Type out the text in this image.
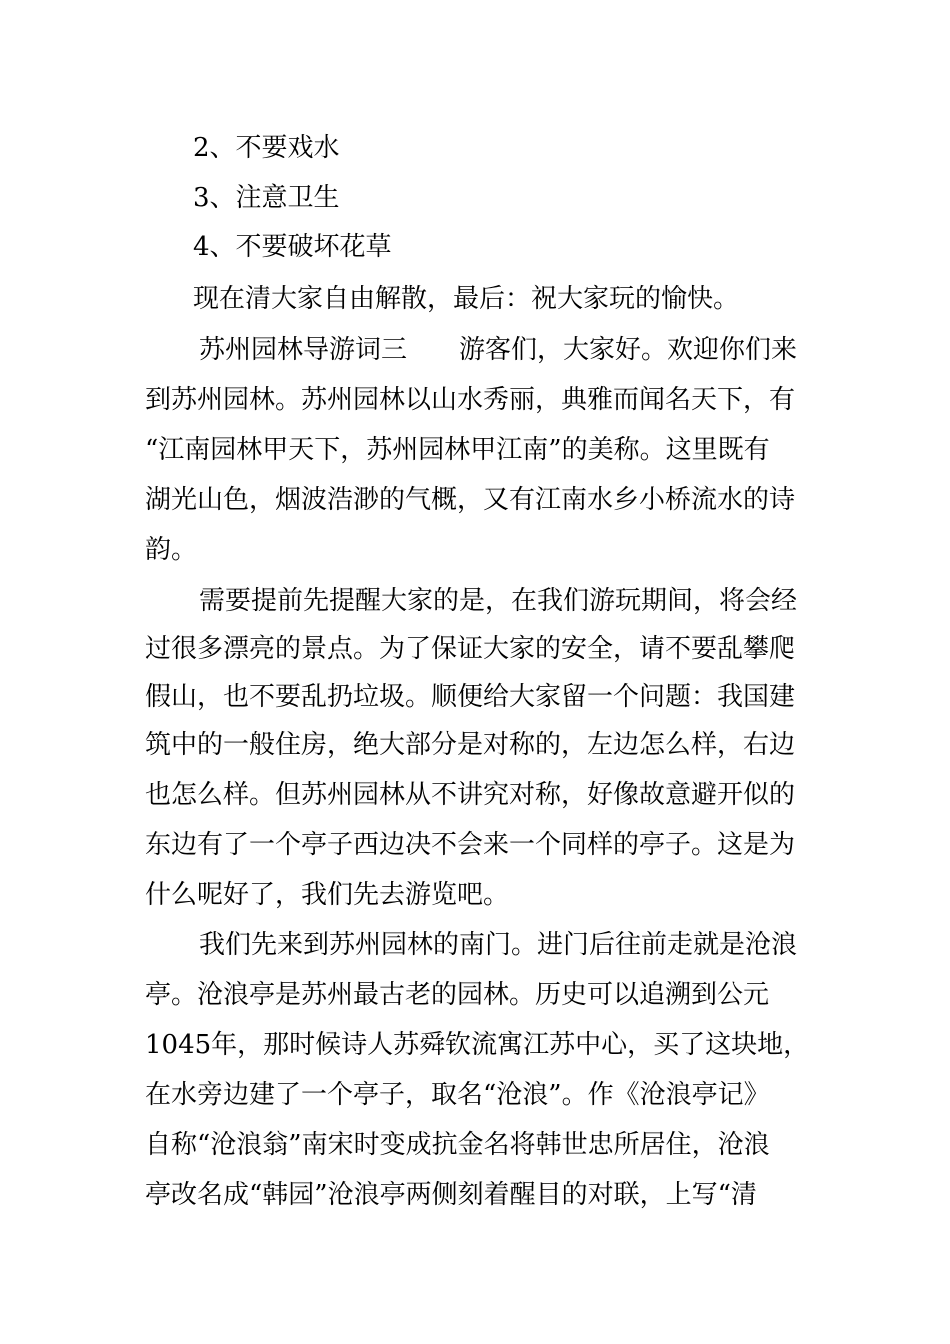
2、不要戏水

3、注意卫生

4、不要破坏花草

现在清大家自由解散，最后：祝大家玩的愉快。

苏州园林导游词三　　游客们，大家好。欢迎你们来

到苏州园林。苏州园林以山水秀丽，典雅而闻名天下，有

“江南园林甲天下，苏州园林甲江南”的美称。这里既有

湖光山色，烟波浩渺的气概，又有江南水乡小桥流水的诗

韵。

需要提前先提醒大家的是，在我们游玩期间，将会经

过很多漂亮的景点。为了保证大家的安全，请不要乱攀爬

假山，也不要乱扔垃圾。顺便给大家留一个问题：我国建

筑中的一般住房，绝大部分是对称的，左边怎么样，右边

也怎么样。但苏州园林从不讲究对称，好像故意避开似的

东边有了一个亭子西边决不会来一个同样的亭子。这是为

什么呢好了，我们先去游览吧。

我们先来到苏州园林的南门。进门后往前走就是沧浪

亭。沧浪亭是苏州最古老的园林。历史可以追溯到公元

1045年，那时候诗人苏舜钦流寓江苏中心，买了这块地，

在水旁边建了一个亭子，取名“沧浪”。作《沧浪亭记》

自称“沧浪翁”南宋时变成抗金名将韩世忠所居住，沧浪

亭改名成“韩园”沧浪亭两侧刻着醒目的对联，上写“清
